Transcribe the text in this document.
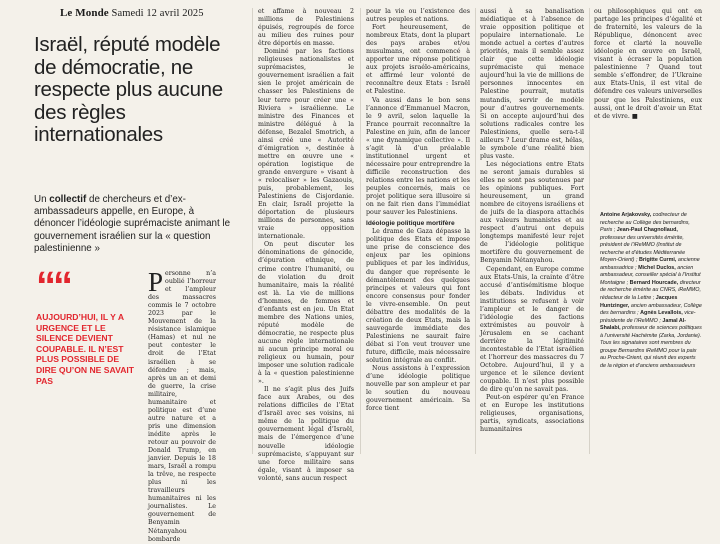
Le Monde Samedi 12 avril 2025
Israël, réputé modèle de démocratie, ne respecte plus aucune des règles internationales

Un collectif de chercheurs et d’ex-ambassadeurs appelle, en Europe, à dénoncer l’idéologie suprémaciste animant le gouvernement israélien sur la « question palestinienne »

““
AUJOURD’HUI, IL Y A URGENCE ET LE SILENCE DEVIENT COUPABLE. IL N’EST PLUS POSSIBLE DE DIRE QU’ON NE SAVAIT PAS

Personne n’a oublié l’horreur et l’ampleur des massacres commis le 7 octobre 2023 par le Mouvement de la résistance islamique (Hamas) et nul ne peut contester le droit de l’Etat israélien à se défendre ; mais, après un an et demi de guerre, la crise militaire, humanitaire et politique est d’une autre nature et a pris une dimension inédite après le retour au pouvoir de Donald Trump, en janvier. Depuis le 18 mars, Israël a rompu la trêve, ne respecte plus ni les travailleurs humanitaires ni les journalistes. Le gouvernement de Benyamin Nétanyahou bombarde

et affame à nouveau 2 millions de Palestiniens épuisés, regroupés de force au milieu des ruines pour être déportés en masse.

Dominé par les factions religieuses nationalistes et suprémacistes, le gouvernement israélien a fait sien le projet américain de chasser les Palestiniens de leur terre pour créer une « Riviera » israélienne. Le ministre des Finances et ministre délégué à la défense, Bezalel Smotrich, a ainsi créé une « Autorité d’émigration », destinée à mettre en œuvre une « opération logistique de grande envergure » visant à « relocaliser » les Gazaouis, puis, probablement, les Palestiniens de Cisjordanie. En clair, Israël projette la déportation de plusieurs millions de personnes, sans vraie opposition internationale.

On peut discuter les dénominations de génocide, d’épuration ethnique, de crime contre l’humanité, ou de violation du droit humanitaire, mais la réalité est là. La vie de millions d’hommes, de femmes et d’enfants est en jeu. Un Etat membre des Nations unies, réputé modèle de démocratie, ne respecte plus aucune règle internationale ni aucun principe moral ou religieux ou humain, pour imposer une solution radicale à la « question palestinienne ».

Il ne s’agit plus des Juifs face aux Arabes, ou des relations difficiles de l’Etat d’Israël avec ses voisins, ni même de la politique du gouvernement légal d’Israël, mais de l’émergence d’une nouvelle idéologie suprémaciste, s’appuyant sur une force militaire sans égale, visant à imposer sa volonté, sans aucun respect

pour la vie ou l’existence des autres peuples et nations.

Fort heureusement, de nombreux Etats, dont la plupart des pays arabes et/ou musulmans, ont commencé à apporter une réponse politique aux projets israélo-américains, et affirmé leur volonté de reconnaître deux Etats : Israël et Palestine.

Va aussi dans le bon sens l’annonce d’Emmanuel Macron, le 9 avril, selon laquelle la France pourrait reconnaître la Palestine en juin, afin de lancer « une dynamique collective ». Il s’agit là d’un préalable institutionnel urgent et nécessaire pour entreprendre la difficile reconstruction des relations entre les nations et les peuples concernés, mais ce projet politique sera illusoire si on ne fait rien dans l’immédiat pour sauver les Palestiniens.

Idéologie politique mortifère

Le drame de Gaza dépasse la politique des Etats et impose une prise de conscience des enjeux par les opinions publiques et par les individus, du danger que représente le démantèlement des quelques principes et valeurs qui font encore consensus pour fonder le vivre-ensemble. On peut débattre des modalités de la création de deux Etats, mais la sauvegarde immédiate des Palestiniens ne saurait faire débat si l’on veut trouver une future, difficile, mais nécessaire solution intégrale au conflit.

Nous assistons à l’expression d’une idéologie politique nouvelle par son ampleur et par le soutien du nouveau gouvernement américain. Sa force tient

aussi à sa banalisation médiatique et à l’absence de vraie opposition politique et populaire internationale. Le monde actuel a certes d’autres priorités, mais il semble assez clair que cette idéologie suprémaciste qui menace aujourd’hui la vie de millions de personnes innocentes en Palestine pourrait, mutatis mutandis, servir de modèle pour d’autres gouvernements. Si on accepte aujourd’hui des solutions radicales contre les Palestiniens, quelle sera-t-il ailleurs ? Leur drame est, hélas, le symbole d’une réalité bien plus vaste.

Les négociations entre Etats ne seront jamais durables si elles ne sont pas soutenues par les opinions publiques. Fort heureusement, un grand nombre de citoyens israéliens et de juifs de la diaspora attachés aux valeurs humanistes et au respect d’autrui ont depuis longtemps manifesté leur rejet de l’idéologie politique mortifère du gouvernement de Benyamin Nétanyahou.

Cependant, en Europe comme aux Etats-Unis, la crainte d’être accusé d’antisémitisme bloque les débats. Individus et institutions se refusent à voir l’ampleur et le danger de l’idéologie des factions extrémistes au pouvoir à Jérusalem en se cachant derrière la légitimité incontestable de l’Etat israélien et l’horreur des massacres du 7 Octobre. Aujourd’hui, il y a urgence et le silence devient coupable. Il n’est plus possible de dire qu’on ne savait pas.

Peut-on espérer qu’en France et en Europe les institutions religieuses, organisations, partis, syndicats, associations humanitaires

ou philosophiques qui ont en partage les principes d’égalité et de fraternité, les valeurs de la République, dénoncent avec force et clarté la nouvelle idéologie en œuvre en Israël, visant à écraser la population palestinienne ? Quand tout semble s’effondrer, de l’Ukraine aux Etats-Unis, il est vital de défendre ces valeurs universelles pour que les Palestiniens, eux aussi, ont le droit d’avoir un Etat et de vivre. ■

Antoine Arjakovsky, codirecteur de recherche au Collège des bernardins, Paris ; Jean-Paul Chagnollaud, professeur des universités émérite, président de l’iReMMO (Institut de recherche et d’études Méditerranée Moyen-Orient) ; Brigitte Curmi, ancienne ambassadrice ; Michel Duclos, ancien ambassadeur, conseiller spécial à l’Institut Montaigne ; Bernard Hourcade, directeur de recherche émérite au CNRS, iReMMO, rédacteur de la Lettre ; Jacques Huntzinger, ancien ambassadeur, Collège des bernardins ; Agnès Levallois, vice-présidente de l’iReMMO ; Jamal Al-Shalabi, professeur de sciences politiques à l’université Hachémite (Zarka, Jordanie). Tous les signataires sont membres du groupe Bernardins iReMMO pour la paix au Proche-Orient, qui réunit des experts de la région et d’anciens ambassadeurs
